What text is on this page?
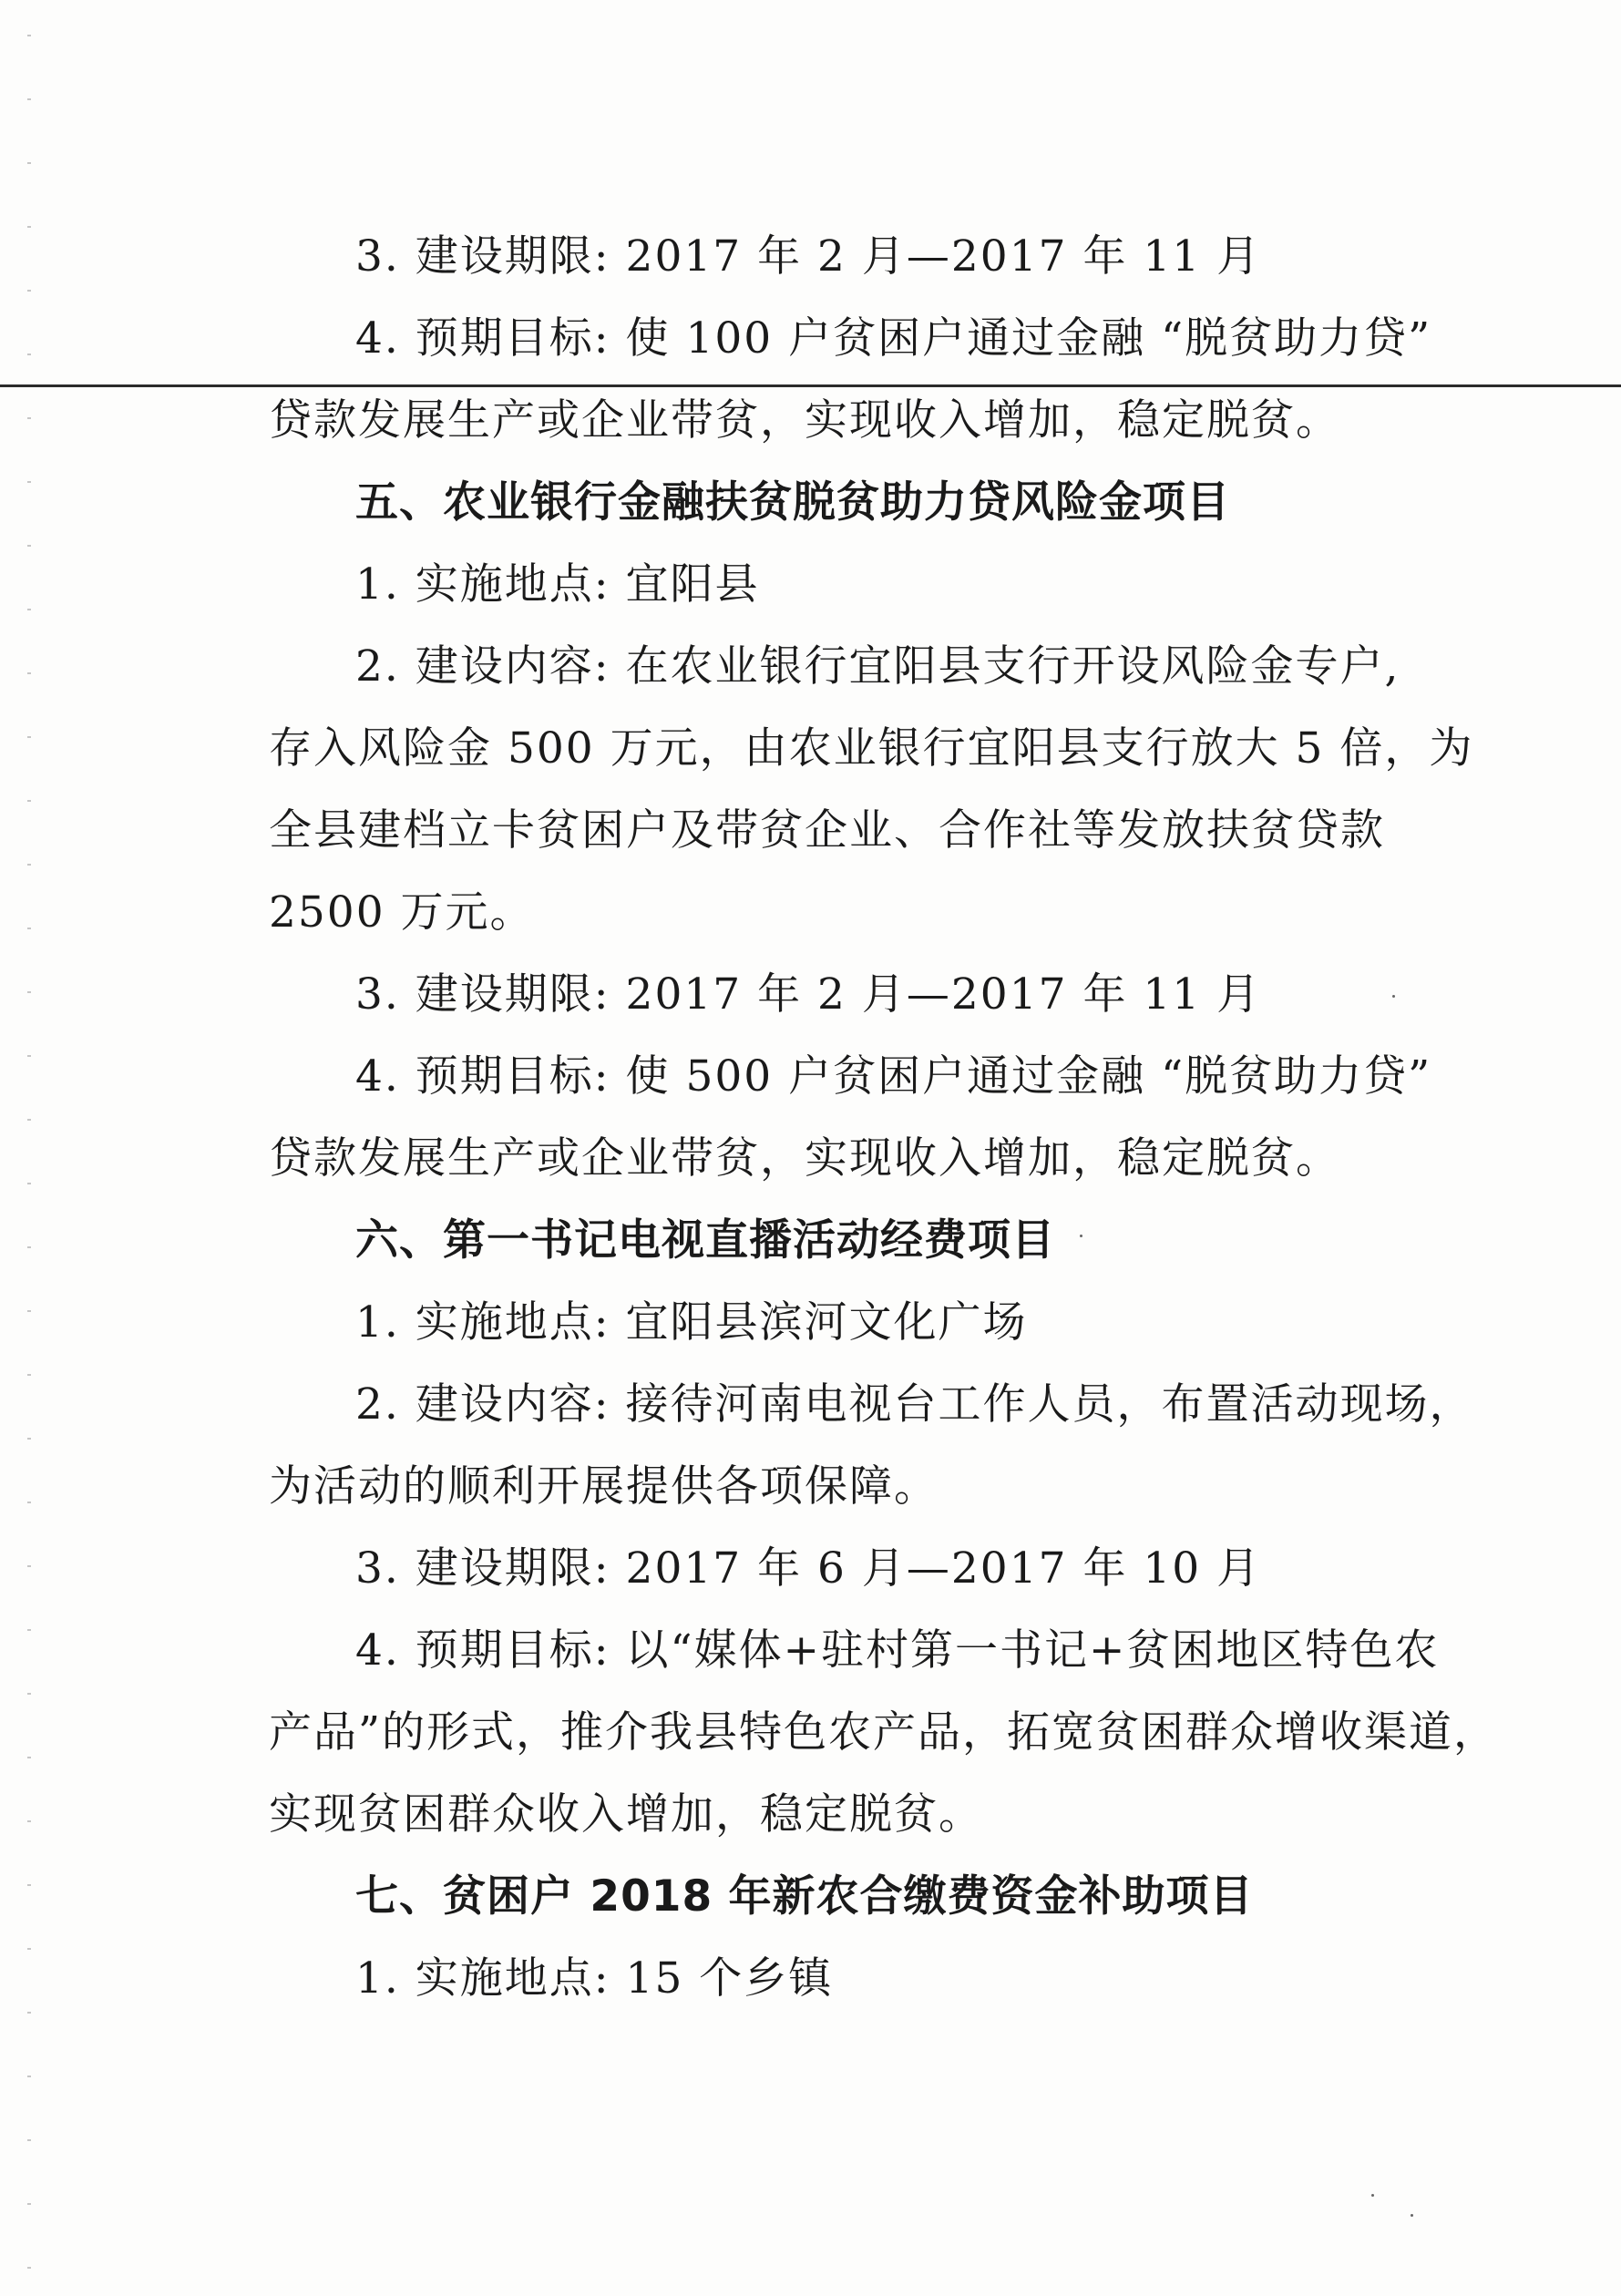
3. 建设期限: 2017 年 2 月—2017 年 11 月
4. 预期目标: 使 100 户贫困户通过金融 “脱贫助力贷”
贷款发展生产或企业带贫，实现收入增加，稳定脱贫。
五、农业银行金融扶贫脱贫助力贷风险金项目
1. 实施地点: 宜阳县
2. 建设内容: 在农业银行宜阳县支行开设风险金专户,
存入风险金 500 万元，由农业银行宜阳县支行放大 5 倍，为
全县建档立卡贫困户及带贫企业、合作社等发放扶贫贷款
2500 万元。
3. 建设期限: 2017 年 2 月—2017 年 11 月
4. 预期目标: 使 500 户贫困户通过金融 “脱贫助力贷”
贷款发展生产或企业带贫，实现收入增加，稳定脱贫。
六、第一书记电视直播活动经费项目
1. 实施地点: 宜阳县滨河文化广场
2. 建设内容: 接待河南电视台工作人员，布置活动现场，
为活动的顺利开展提供各项保障。
3. 建设期限: 2017 年 6 月—2017 年 10 月
4. 预期目标: 以“媒体+驻村第一书记+贫困地区特色农
产品”的形式，推介我县特色农产品，拓宽贫困群众增收渠道，
实现贫困群众收入增加，稳定脱贫。
七、贫困户 2018 年新农合缴费资金补助项目
1. 实施地点: 15 个乡镇
